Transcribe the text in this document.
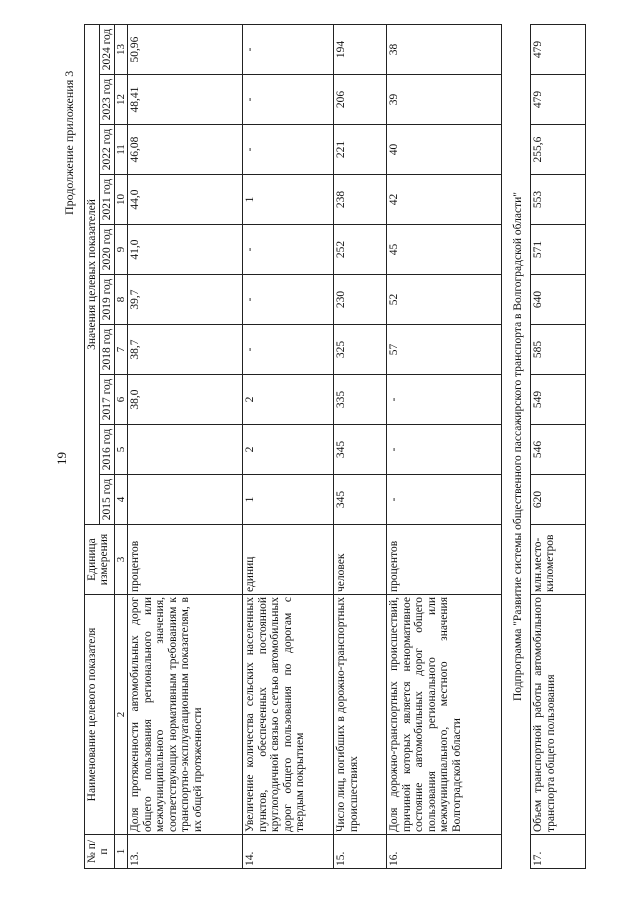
19
Продолжение приложения 3
№ п/п	Наименование целевого показателя	Единица измерения	Значения целевых показателей									
			2015 год	2016 год	2017 год	2018 год	2019 год	2020 год	2021 год	2022 год	2023 год	2024 год
1	2	3	4	5	6	7	8	9	10	11	12	13
13.	Доля протяженности автомобильных дорог общего пользования регионального или межмуниципального значения, соответствующих нормативным требованиям к транспортно-эксплуатационным показателям, в их общей протяженности	процентов			38,0	38,7	39,7	41,0	44,0	46,08	48,41	50,96
14.	Увеличение количества сельских населенных пунктов, обеспеченных постоянной круглогодичной связью с сетью автомобильных дорог общего пользования по дорогам с твердым покрытием	единиц	1	2	2	-	-	-	1	-	-	-
15.	Число лиц, погибших в дорожно-транспортных происшествиях	человек	345	345	335	325	230	252	238	221	206	194
16.	Доля дорожно-транспортных происшествий, причиной которых является ненормативное состояние автомобильных дорог общего пользования регионального или межмуниципального, местного значения Волгоградской области	процентов	-	-	-	57	52	45	42	40	39	38
Подпрограмма "Развитие системы общественного пассажирского транспорта в Волгоградской области"												
17.	Объем транспортной работы автомобильного транспорта общего пользования	млн.место-километров	620	546	549	585	640	571	553	255,6	479	479
